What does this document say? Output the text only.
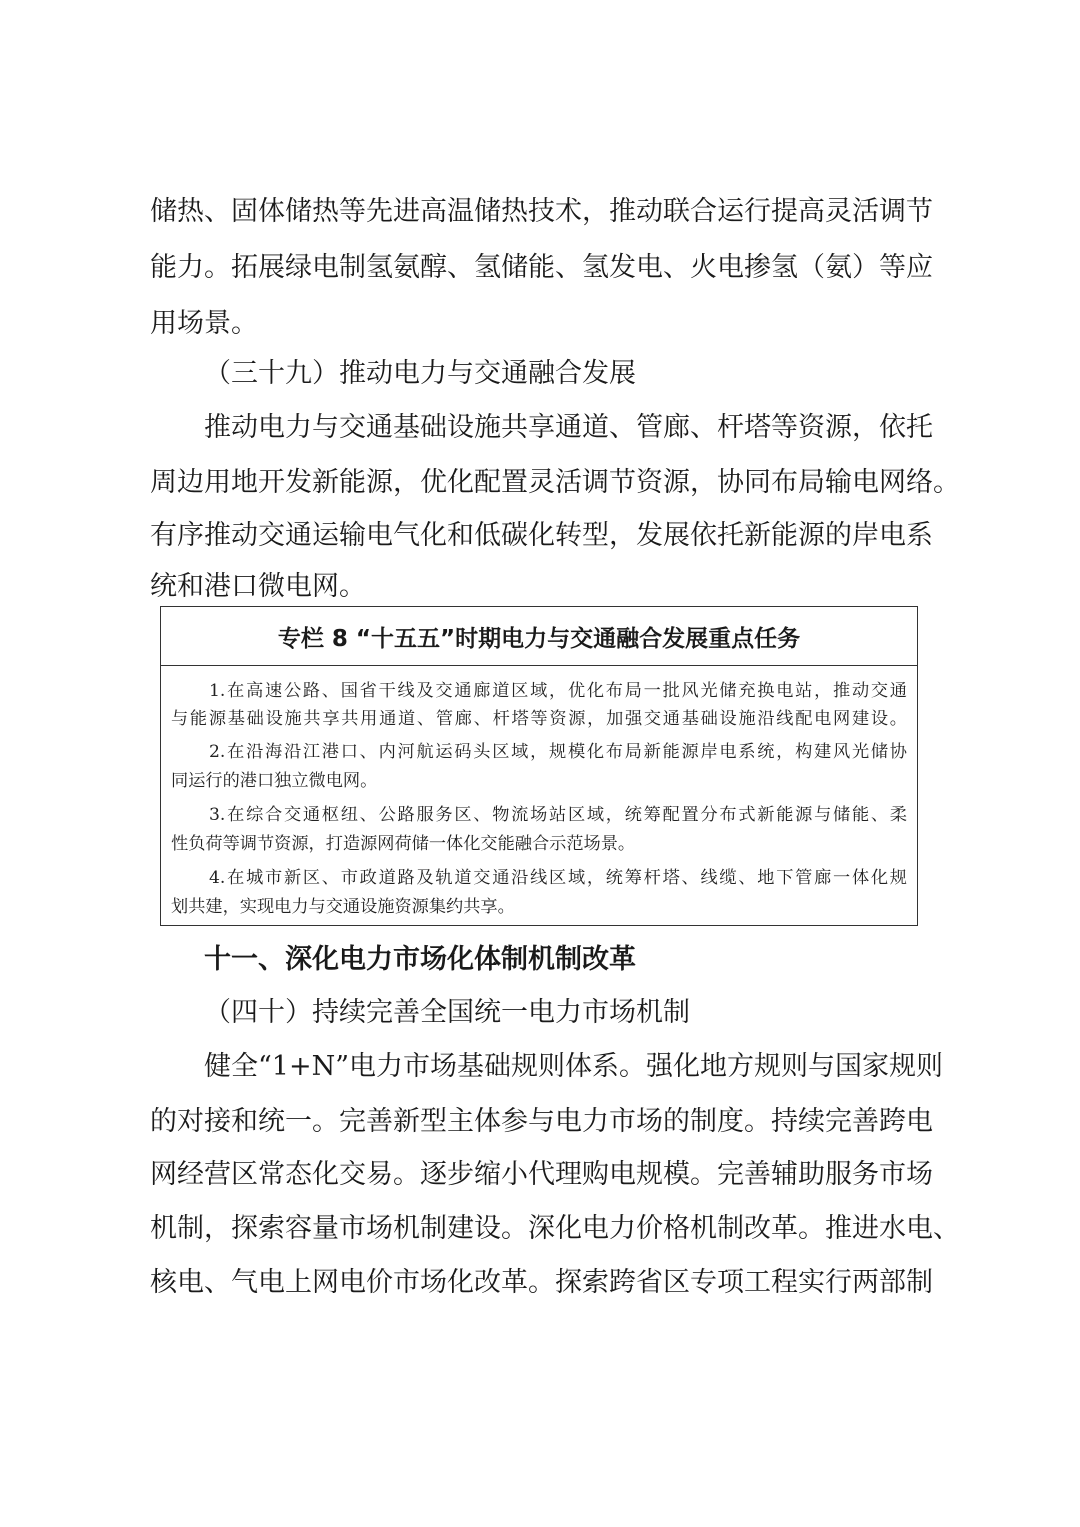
储热、固体储热等先进高温储热技术，推动联合运行提高灵活调节
能力。拓展绿电制氢氨醇、氢储能、氢发电、火电掺氢（氨）等应
用场景。
（三十九）推动电力与交通融合发展
推动电力与交通基础设施共享通道、管廊、杆塔等资源，依托
周边用地开发新能源，优化配置灵活调节资源，协同布局输电网络。
有序推动交通运输电气化和低碳化转型，发展依托新能源的岸电系
统和港口微电网。
专栏 8 “十五五”时期电力与交通融合发展重点任务
1.在高速公路、国省干线及交通廊道区域，优化布局一批风光储充换电站，推动交通
与能源基础设施共享共用通道、管廊、杆塔等资源，加强交通基础设施沿线配电网建设。
2.在沿海沿江港口、内河航运码头区域，规模化布局新能源岸电系统，构建风光储协
同运行的港口独立微电网。
3.在综合交通枢纽、公路服务区、物流场站区域，统筹配置分布式新能源与储能、柔
性负荷等调节资源，打造源网荷储一体化交能融合示范场景。
4.在城市新区、市政道路及轨道交通沿线区域，统筹杆塔、线缆、地下管廊一体化规
划共建，实现电力与交通设施资源集约共享。
十一、深化电力市场化体制机制改革
（四十）持续完善全国统一电力市场机制
健全“1+N”电力市场基础规则体系。强化地方规则与国家规则
的对接和统一。完善新型主体参与电力市场的制度。持续完善跨电
网经营区常态化交易。逐步缩小代理购电规模。完善辅助服务市场
机制，探索容量市场机制建设。深化电力价格机制改革。推进水电、
核电、气电上网电价市场化改革。探索跨省区专项工程实行两部制
